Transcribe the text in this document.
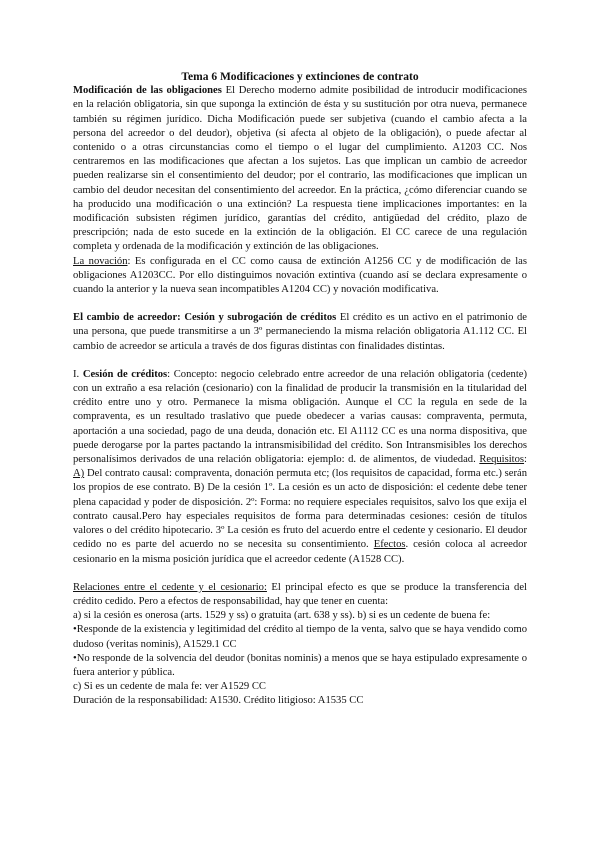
Tema 6 Modificaciones y extinciones de contrato

Modificación de las obligaciones El Derecho moderno admite posibilidad de introducir modificaciones en la relación obligatoria, sin que suponga la extinción de ésta y su sustitución por otra nueva, permanece también su régimen jurídico. Dicha Modificación puede ser subjetiva (cuando el cambio afecta a la persona del acreedor o del deudor), objetiva (si afecta al objeto de la obligación), o puede afectar al contenido o a otras circunstancias como el tiempo o el lugar del cumplimiento. A1203 CC. Nos centraremos en las modificaciones que afectan a los sujetos. Las que implican un cambio de acreedor pueden realizarse sin el consentimiento del deudor; por el contrario, las modificaciones que implican un cambio del deudor necesitan del consentimiento del acreedor. En la práctica, ¿cómo diferenciar cuando se ha producido una modificación o una extinción? La respuesta tiene implicaciones importantes: en la modificación subsisten régimen jurídico, garantías del crédito, antigüedad del crédito, plazo de prescripción; nada de esto sucede en la extinción de la obligación. El CC carece de una regulación completa y ordenada de la modificación y extinción de las obligaciones.

La novación: Es configurada en el CC como causa de extinción A1256 CC y de modificación de las obligaciones A1203CC. Por ello distinguimos novación extintiva (cuando así se declara expresamente o cuando la anterior y la nueva sean incompatibles A1204 CC) y novación modificativa.

El cambio de acreedor: Cesión y subrogación de créditos El crédito es un activo en el patrimonio de una persona, que puede transmitirse a un 3º permaneciendo la misma relación obligatoria A1.112 CC. El cambio de acreedor se articula a través de dos figuras distintas con finalidades distintas.

I. Cesión de créditos: Concepto: negocio celebrado entre acreedor de una relación obligatoria (cedente) con un extraño a esa relación (cesionario) con la finalidad de producir la transmisión en la titularidad del crédito entre uno y otro. Permanece la misma obligación. Aunque el CC la regula en sede de la compraventa, es un resultado traslativo que puede obedecer a varias causas: compraventa, permuta, aportación a una sociedad, pago de una deuda, donación etc. El A1112 CC es una norma dispositiva, que puede derogarse por la partes pactando la intransmisibilidad del crédito. Son Intransmisibles los derechos personalísimos derivados de una relación obligatoria: ejemplo: d. de alimentos, de viudedad. Requisitos: A) Del contrato causal: compraventa, donación permuta etc; (los requisitos de capacidad, forma etc.) serán los propios de ese contrato. B) De la cesión 1º. La cesión es un acto de disposición: el cedente debe tener plena capacidad y poder de disposición. 2º: Forma: no requiere especiales requisitos, salvo los que exija el contrato causal.Pero hay especiales requisitos de forma para determinadas cesiones: cesión de títulos valores o del crédito hipotecario. 3º La cesión es fruto del acuerdo entre el cedente y cesionario. El deudor cedido no es parte del acuerdo no se necesita su consentimiento. Efectos. cesión coloca al acreedor cesionario en la misma posición jurídica que el acreedor cedente (A1528 CC).

Relaciones entre el cedente y el cesionario: El principal efecto es que se produce la transferencia del crédito cedido. Pero a efectos de responsabilidad, hay que tener en cuenta:

a) si la cesión es onerosa (arts. 1529 y ss) o gratuita (art. 638 y ss). b) si es un cedente de buena fe:

•Responde de la existencia y legitimidad del crédito al tiempo de la venta, salvo que se haya vendido como dudoso (veritas nominis), A1529.1 CC

•No responde de la solvencia del deudor (bonitas nominis) a menos que se haya estipulado expresamente o fuera anterior y pública.

c) Si es un cedente de mala fe: ver A1529 CC

Duración de la responsabilidad: A1530. Crédito litigioso: A1535 CC
